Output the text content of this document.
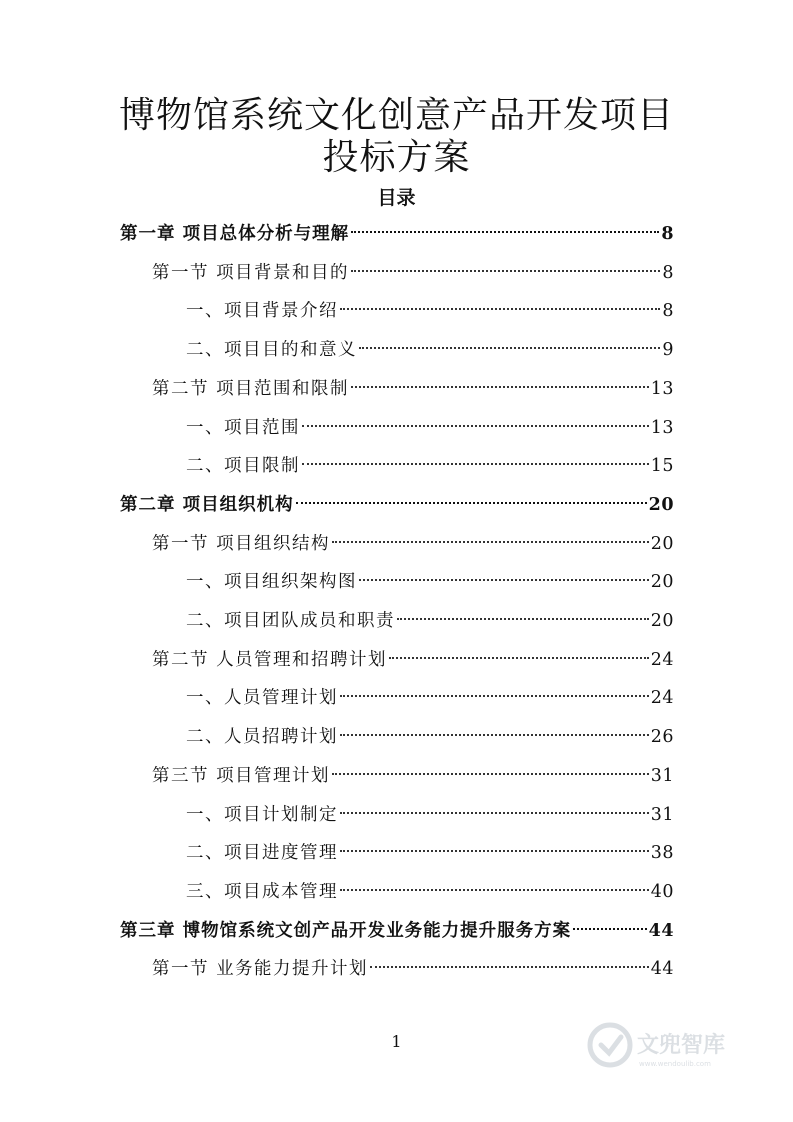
博物馆系统文化创意产品开发项目
投标方案
目录
第一章 项目总体分析与理解	8
第一节 项目背景和目的	8
一、项目背景介绍	8
二、项目目的和意义	9
第二节 项目范围和限制	13
一、项目范围	13
二、项目限制	15
第二章 项目组织机构	20
第一节 项目组织结构	20
一、项目组织架构图	20
二、项目团队成员和职责	20
第二节 人员管理和招聘计划	24
一、人员管理计划	24
二、人员招聘计划	26
第三节 项目管理计划	31
一、项目计划制定	31
二、项目进度管理	38
三、项目成本管理	40
第三章 博物馆系统文创产品开发业务能力提升服务方案	44
第一节 业务能力提升计划	44
1	文兜智库
www.wendoulib.com
